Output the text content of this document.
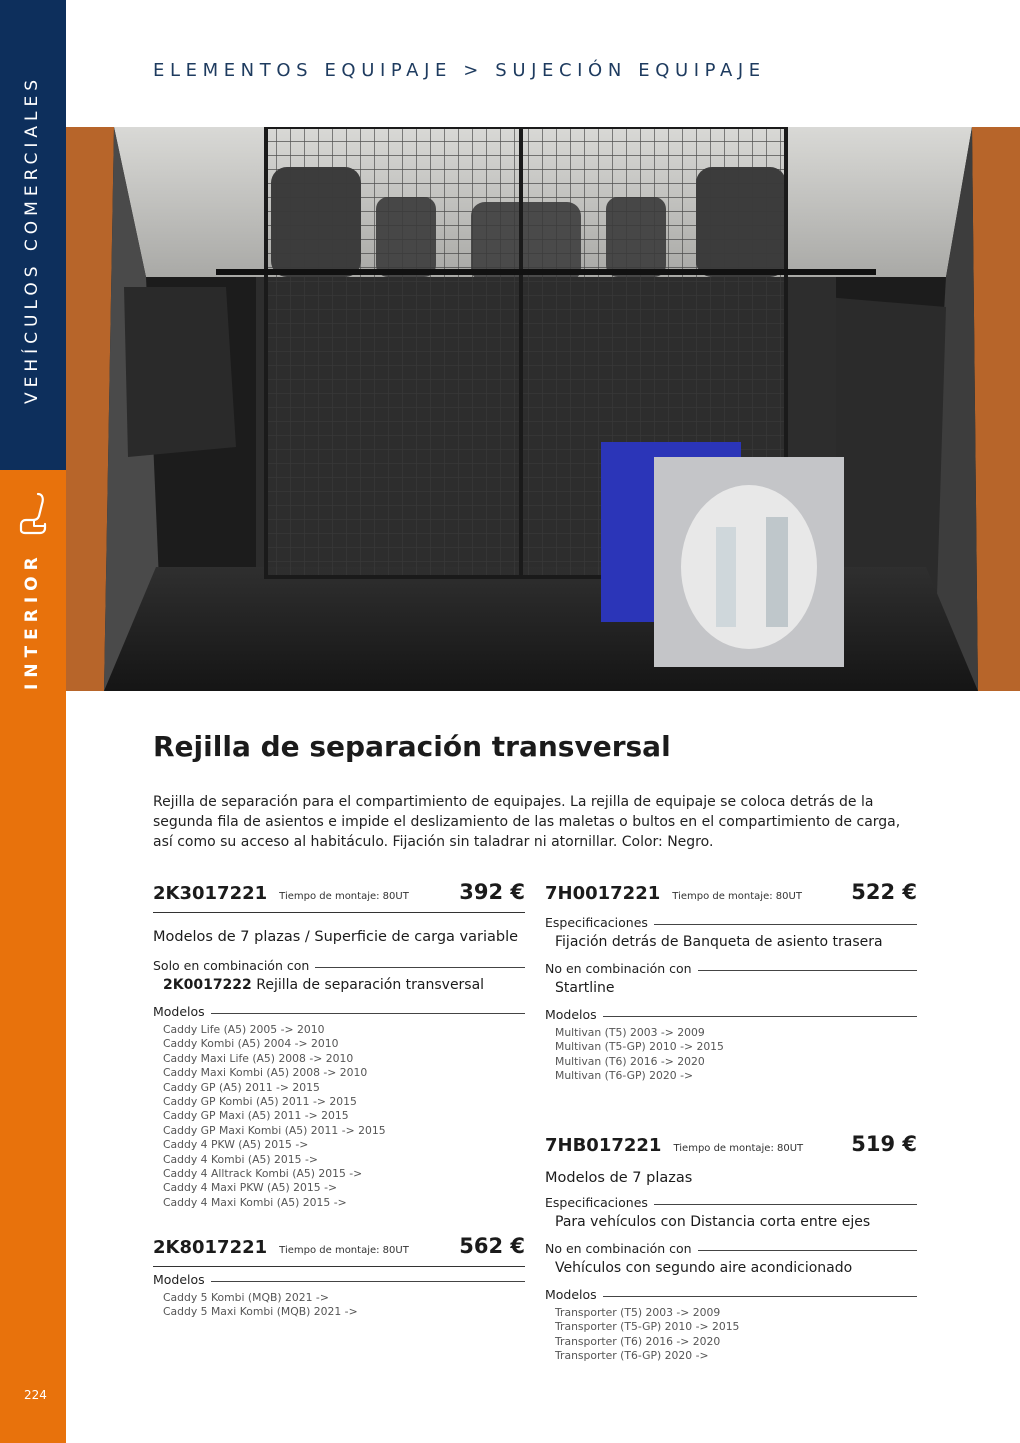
VEHÍCULOS COMERCIALES
INTERIOR
224
ELEMENTOS EQUIPAJE > SUJECIÓN EQUIPAJE
Rejilla de separación transversal

Rejilla de separación para el compartimiento de equipajes. La rejilla de equipaje se coloca detrás de la segunda fila de asientos e impide el deslizamiento de las maletas o bultos en el compartimiento de carga, así como su acceso al habitáculo. Fijación sin taladrar ni atornillar. Color: Negro.

2K3017221 Tiempo de montaje: 80UT 392 €
Modelos de 7 plazas / Superficie de carga variable
Solo en combinación con
2K0017222 Rejilla de separación transversal
Modelos
Caddy Life (A5) 2005 -> 2010
Caddy Kombi (A5) 2004 -> 2010
Caddy Maxi Life (A5) 2008 -> 2010
Caddy Maxi Kombi (A5) 2008 -> 2010
Caddy GP (A5) 2011 -> 2015
Caddy GP Kombi (A5) 2011 -> 2015
Caddy GP Maxi (A5) 2011 -> 2015
Caddy GP Maxi Kombi (A5) 2011 -> 2015
Caddy 4 PKW (A5) 2015 ->
Caddy 4 Kombi (A5) 2015 ->
Caddy 4 Alltrack Kombi (A5) 2015 ->
Caddy 4 Maxi PKW (A5) 2015 ->
Caddy 4 Maxi Kombi (A5) 2015 ->
2K8017221 Tiempo de montaje: 80UT 562 €
Modelos
Caddy 5 Kombi (MQB) 2021 ->
Caddy 5 Maxi Kombi (MQB) 2021 ->
7H0017221 Tiempo de montaje: 80UT 522 €
Especificaciones
Fijación detrás de Banqueta de asiento trasera
No en combinación con
Startline
Modelos
Multivan (T5) 2003 -> 2009
Multivan (T5-GP) 2010 -> 2015
Multivan (T6) 2016 -> 2020
Multivan (T6-GP) 2020 ->
7HB017221 Tiempo de montaje: 80UT 519 €
Modelos de 7 plazas
Especificaciones
Para vehículos con Distancia corta entre ejes
No en combinación con
Vehículos con segundo aire acondicionado
Modelos
Transporter (T5) 2003 -> 2009
Transporter (T5-GP) 2010 -> 2015
Transporter (T6) 2016 -> 2020
Transporter (T6-GP) 2020 ->
